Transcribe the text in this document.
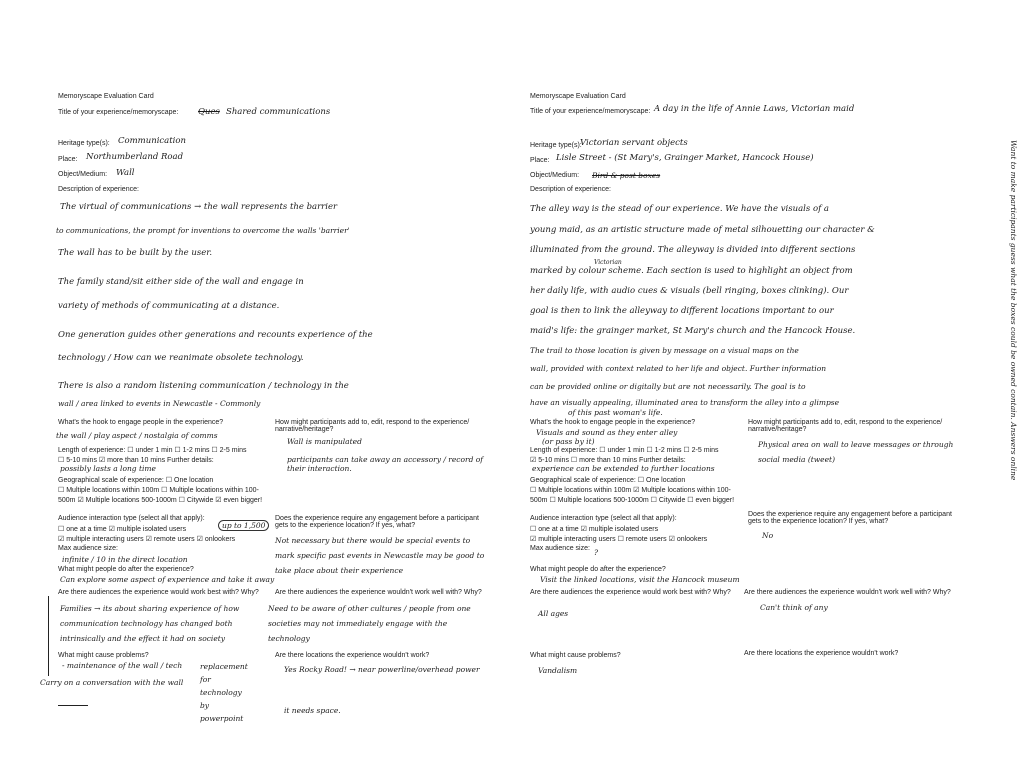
Memoryscape Evaluation Card
Title of your experience/memoryscape: Ques Shared communications
Heritage type(s): Communication
Place: Northumberland Road
Object/Medium: Wall
Description of experience:
The virtual of communications → the wall represents the barrier
to communications, the prompt for inventions to overcome the walls 'barrier'
The wall has to be built by the user.
The family stand/sit either side of the wall and engage in
variety of methods of communicating at a distance.
One generation guides other generations and recounts experience of the
technology / How can we reanimate obsolete technology.
There is also a random listening communication / technology in the
wall / area linked to events in Newcastle - Commonly
What's the hook to engage people in the experience?
the wall / play aspect / nostalgia of comms
Length of experience: ☐ under 1 min ☐ 1-2 mins ☐ 2-5 mins
☐ 5-10 mins ☑ more than 10 mins Further details:
possibly lasts a long time
Geographical scale of experience: ☐ One location
☐ Multiple locations within 100m ☐ Multiple locations within 100-
500m ☑ Multiple locations 500-1000m ☐ Citywide ☑ even bigger!
How might participants add to, edit, respond to the experience/ narrative/heritage?
Wall is manipulated
participants can take away an accessory / record of their interaction.
Audience interaction type (select all that apply):
☐ one at a time ☑ multiple isolated users
☑ multiple interacting users ☑ remote users ☑ onlookers
up to 1,500
Max audience size:
infinite / 10 in the direct location
What might people do after the experience?
Can explore some aspect of experience and take it away
Are there audiences the experience would work best with? Why?
Families → its about sharing experience of how communication technology has changed both intrinsically and the effect it had on society
Does the experience require any engagement before a participant gets to the experience location? If yes, what?
Not necessary but there would be special events to mark specific past events in Newcastle may be good to take place about their experience
Are there audiences the experience wouldn't work well with? Why?
Need to be aware of other cultures / people from one societies may not immediately engage with the technology
What might cause problems?
- maintenance of the wall / tech
Carry on a conversation with the wall
replacement for technology by powerpoint
Are there locations the experience wouldn't work?
Yes Rocky Road! → near powerline/overhead power
it needs space.
Memoryscape Evaluation Card
Title of your experience/memoryscape: A day in the life of Annie Laws, Victorian maid
Heritage type(s):
Victorian servant objects
Place: Lisle Street - (St Mary's, Grainger Market, Hancock House)
Object/Medium: Bird & post boxes
Description of experience:
The alley way is the stead of our experience. We have the visuals of a
young maid, as an artistic structure made of metal silhouetting our character &
illuminated from the ground. The alleyway is divided into different sections
Victorian
marked by colour scheme. Each section is used to highlight an object from
her daily life, with audio cues & visuals (bell ringing, boxes clinking). Our
goal is then to link the alleyway to different locations important to our
maid's life: the grainger market, St Mary's church and the Hancock House.
The trail to those location is given by message on a visual maps on the
wall, provided with context related to her life and object. Further information
can be provided online or digitally but are not necessarily. The goal is to
have an visually appealing, illuminated area to transform the alley into a glimpse
of this past woman's life.	Want to make participants guess what the boxes could be owned contain. Answers online
What's the hook to engage people in the experience?
Visuals and sound as they enter alley
(or pass by it)
Length of experience: ☐ under 1 min ☐ 1-2 mins ☐ 2-5 mins
☑ 5-10 mins ☐ more than 10 mins Further details:
experience can be extended to further locations
Geographical scale of experience: ☐ One location
☐ Multiple locations within 100m ☑ Multiple locations within 100-
500m ☐ Multiple locations 500-1000m ☐ Citywide ☐ even bigger!
How might participants add to, edit, respond to the experience/ narrative/heritage?
Physical area on wall to leave messages or through social media (tweet)
Audience interaction type (select all that apply):
☐ one at a time ☑ multiple isolated users
☑ multiple interacting users ☐ remote users ☑ onlookers
Max audience size: ?
Does the experience require any engagement before a participant gets to the experience location? If yes, what?
No
What might people do after the experience?
Visit the linked locations, visit the Hancock museum
Are there audiences the experience would work best with? Why?
All ages
Are there audiences the experience wouldn't work well with? Why?
Can't think of any
What might cause problems?
Vandalism
Are there locations the experience wouldn't work?
